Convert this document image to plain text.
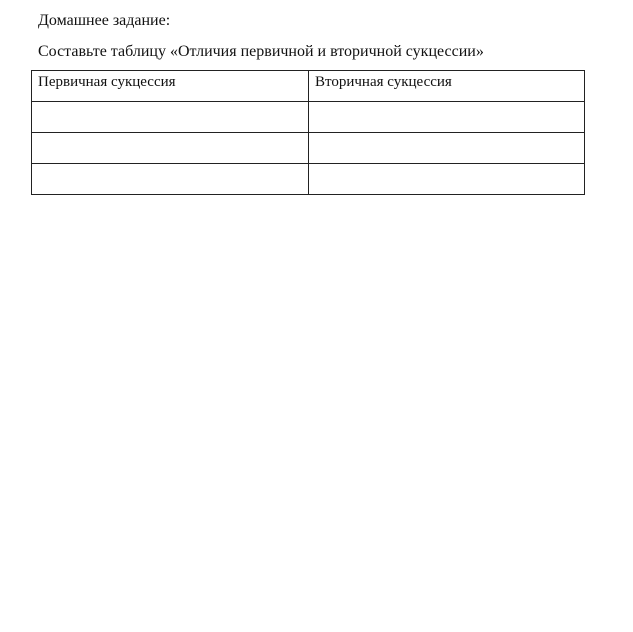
Домашнее задание:
Составьте таблицу «Отличия первичной и вторичной сукцессии»
Первичная сукцессия	Вторичная сукцессия
